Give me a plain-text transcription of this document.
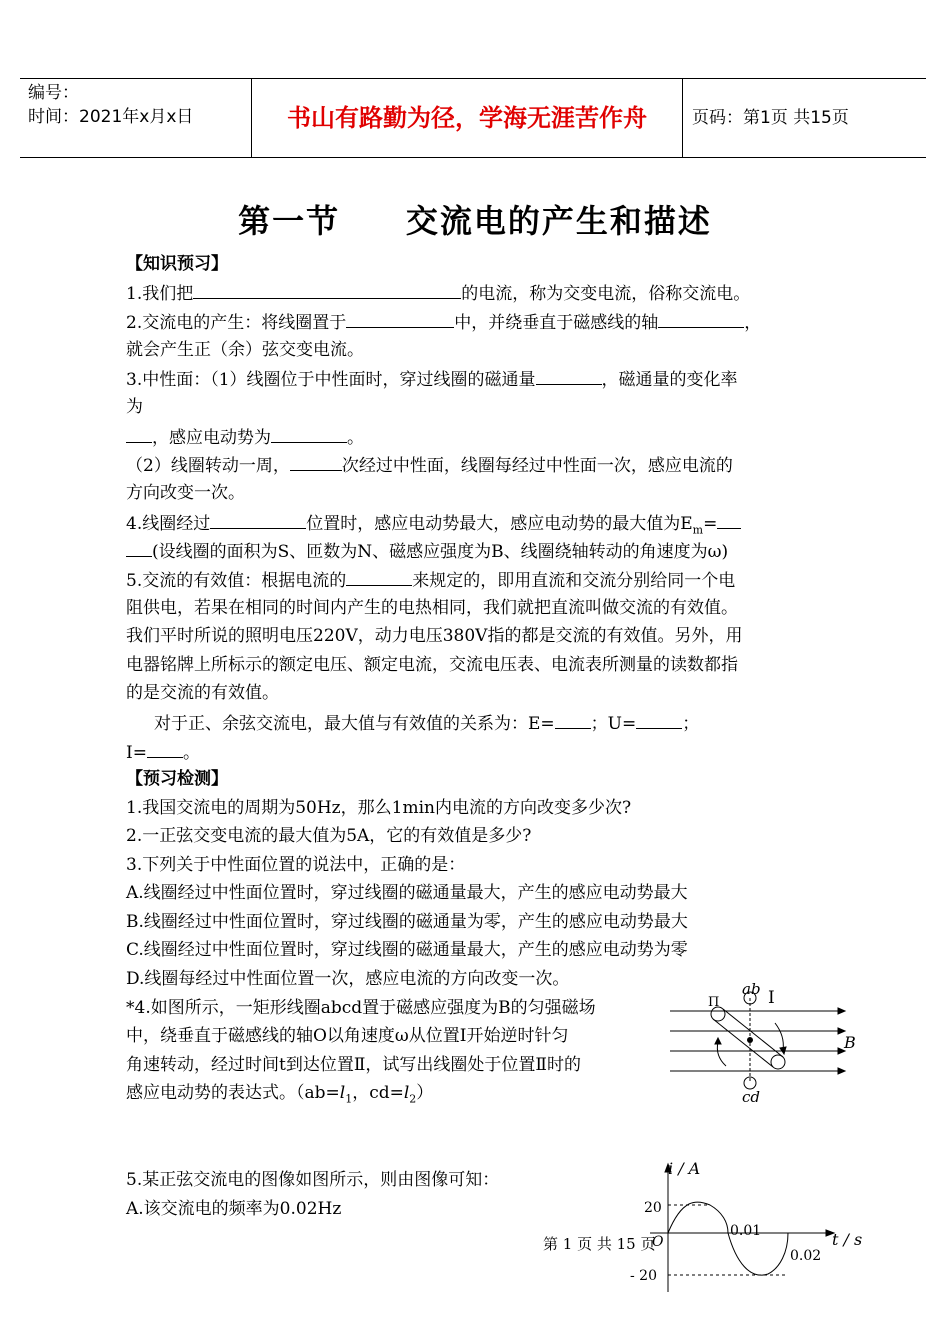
编号：
时间：2021年x月x日	书山有路勤为径，学海无涯苦作舟	页码：第1页 共15页
第一节     交流电的产生和描述
【知识预习】
1.我们把	的电流，称为交变电流，俗称交流电。
2.交流电的产生：将线圈置于	中，并绕垂直于磁感线的轴	，
就会产生正（余）弦交变电流。
3.中性面：（1）线圈位于中性面时，穿过线圈的磁通量	，磁通量的变化率
为
，感应电动势为	。
（2）线圈转动一周，	次经过中性面，线圈每经过中性面一次，感应电流的
方向改变一次。
4.线圈经过	位置时，感应电动势最大，感应电动势的最大值为$E_m=$
(设线圈的面积为S、匝数为N、磁感应强度为B、线圈绕轴转动的角速度为ω)
5.交流的有效值：根据电流的	来规定的，即用直流和交流分别给同一个电
阻供电，若果在相同的时间内产生的电热相同，我们就把直流叫做交流的有效值。
我们平时所说的照明电压220V，动力电压380V指的都是交流的有效值。另外，用
电器铭牌上所标示的额定电压、额定电流，交流电压表、电流表所测量的读数都指
的是交流的有效值。
对于正、余弦交流电，最大值与有效值的关系为：E= ；U=	；
I= 。
【预习检测】
1.我国交流电的周期为50Hz，那么1min内电流的方向改变多少次?
2.一正弦交变电流的最大值为5A，它的有效值是多少?
3.下列关于中性面位置的说法中，正确的是：
A.线圈经过中性面位置时，穿过线圈的磁通量最大，产生的感应电动势最大
B.线圈经过中性面位置时，穿过线圈的磁通量为零，产生的感应电动势最大
C.线圈经过中性面位置时，穿过线圈的磁通量最大，产生的感应电动势为零
D.线圈每经过中性面位置一次，感应电流的方向改变一次。
*4.如图所示，一矩形线圈abcd置于磁感应强度为B的匀强磁场
中，绕垂直于磁感线的轴O以角速度ω从位置Ⅰ开始逆时针匀
角速转动，经过时间t到达位置Ⅱ，试写出线圈处于位置Ⅱ时的
感应电动势的表达式。（$ab=l_1$，$cd=l_2$）
5.某正弦交流电的图像如图所示，则由图像可知：
A.该交流电的频率为0.02Hz
ab
cd
I
Π
B
i / A
t / s
20
- 20
O
0.01
0.02
第 1 页 共 15 页
